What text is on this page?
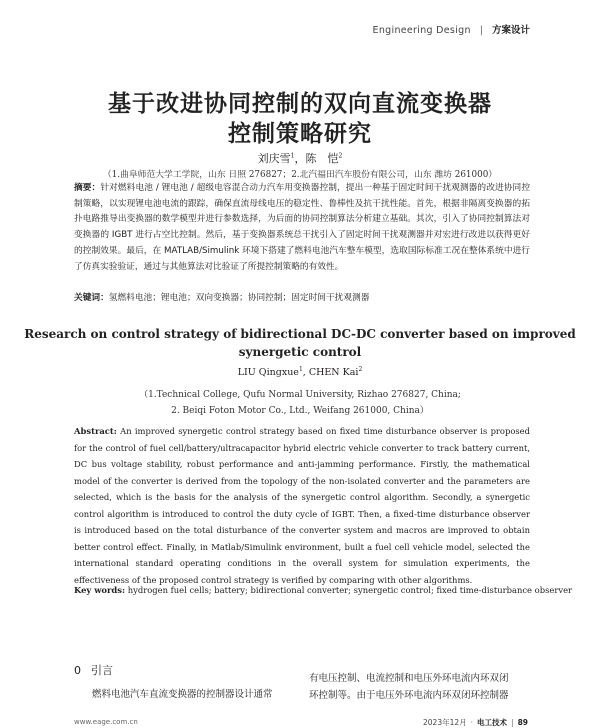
Engineering Design | 方案设计
基于改进协同控制的双向直流变换器
控制策略研究
刘庆雪$^1$，陈　恺$^2$
（1.曲阜师范大学工学院，山东 日照 276827；2.北汽福田汽车股份有限公司，山东 潍坊 261000）
摘要：针对燃料电池 / 锂电池 / 超级电容混合动力汽车用变换器控制，提出一种基于固定时间干扰观测器的改进协同控制策略，以实现锂电池电流的跟踪，确保直流母线电压的稳定性、鲁棒性及抗干扰性能。首先，根据非隔离变换器的拓扑电路推导出变换器的数学模型并进行参数选择，为后面的协同控制算法分析建立基础。其次，引入了协同控制算法对变换器的 IGBT 进行占空比控制。然后，基于变换器系统总干扰引入了固定时间干扰观测器并对宏进行改进以获得更好的控制效果。最后，在 MATLAB/Simulink 环境下搭建了燃料电池汽车整车模型，选取国际标准工况在整体系统中进行了仿真实验验证，通过与其他算法对比验证了所提控制策略的有效性。
关键词：氢燃料电池；锂电池；双向变换器；协同控制；固定时间干扰观测器
Research on control strategy of bidirectional DC-DC converter based on improved
synergetic control
LIU Qingxue$^1$, CHEN Kai$^2$
（1.Technical College, Qufu Normal University, Rizhao 276827, China;
2. Beiqi Foton Motor Co., Ltd., Weifang 261000, China）
Abstract: An improved synergetic control strategy based on fixed time disturbance observer is proposed for the control of fuel cell/battery/ultracapacitor hybrid electric vehicle converter to track battery current, DC bus voltage stability, robust performance and anti-jamming performance. Firstly, the mathematical model of the converter is derived from the topology of the non-isolated converter and the parameters are selected, which is the basis for the analysis of the synergetic control algorithm. Secondly, a synergetic control algorithm is introduced to control the duty cycle of IGBT. Then, a fixed-time disturbance observer is introduced based on the total disturbance of the converter system and macros are improved to obtain better control effect. Finally, in Matlab/Simulink environment, built a fuel cell vehicle model, selected the international standard operating conditions in the overall system for simulation experiments, the effectiveness of the proposed control strategy is verified by comparing with other algorithms.
Key words: hydrogen fuel cells; battery; bidirectional converter; synergetic control; fixed time-disturbance observer
0 引言
燃料电池汽车直流变换器的控制器设计通常
有电压控制、电流控制和电压外环电流内环双闭
环控制等。由于电压外环电流内环双闭环控制器
www.eage.com.cn	2023年12月 · 电工技术 | 89
